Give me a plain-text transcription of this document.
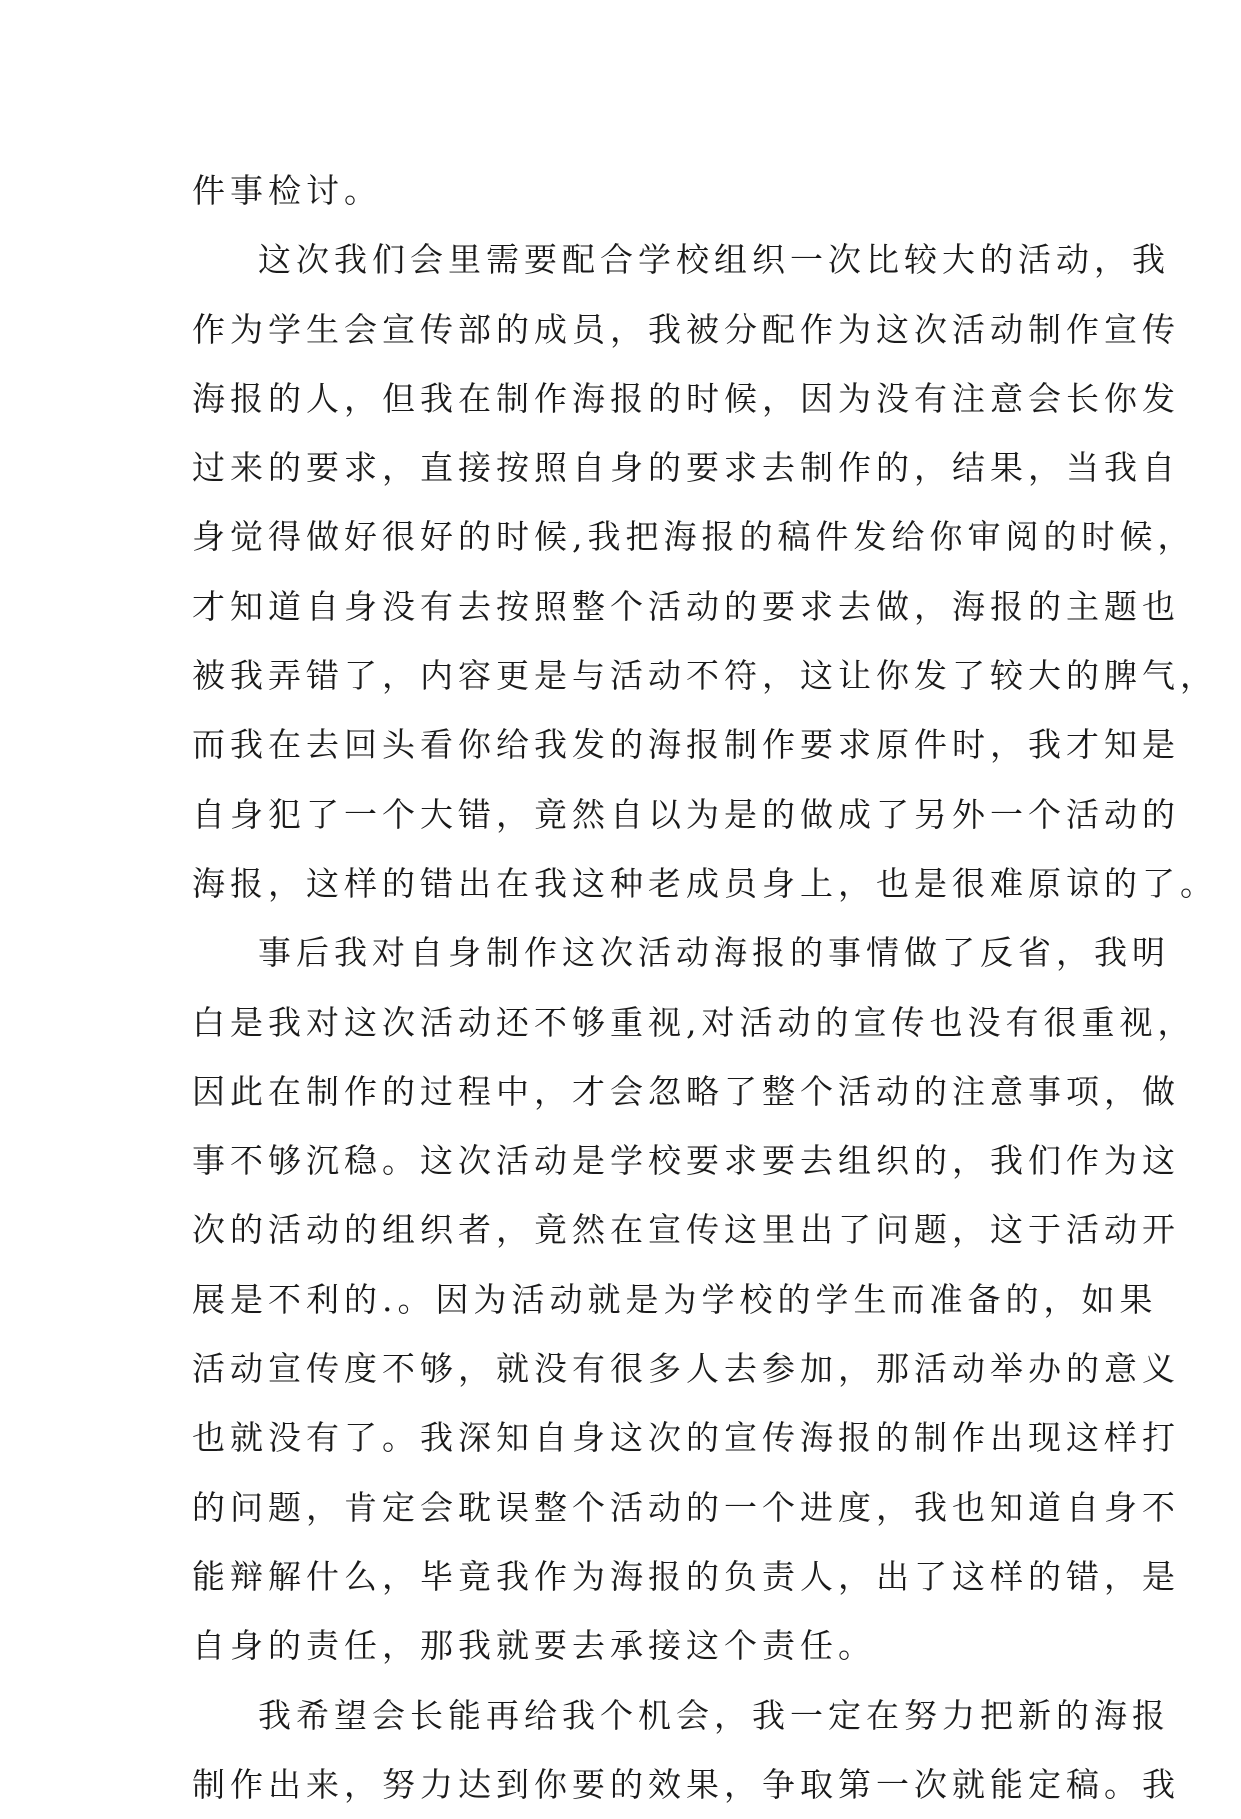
件事检讨。
这次我们会里需要配合学校组织一次比较大的活动，我
作为学生会宣传部的成员，我被分配作为这次活动制作宣传
海报的人，但我在制作海报的时候，因为没有注意会长你发
过来的要求，直接按照自身的要求去制作的，结果，当我自
身觉得做好很好的时候,我把海报的稿件发给你审阅的时候，
才知道自身没有去按照整个活动的要求去做，海报的主题也
被我弄错了，内容更是与活动不符，这让你发了较大的脾气，
而我在去回头看你给我发的海报制作要求原件时，我才知是
自身犯了一个大错，竟然自以为是的做成了另外一个活动的
海报，这样的错出在我这种老成员身上，也是很难原谅的了。
事后我对自身制作这次活动海报的事情做了反省，我明
白是我对这次活动还不够重视,对活动的宣传也没有很重视，
因此在制作的过程中，才会忽略了整个活动的注意事项，做
事不够沉稳。这次活动是学校要求要去组织的，我们作为这
次的活动的组织者，竟然在宣传这里出了问题，这于活动开
展是不利的.。因为活动就是为学校的学生而准备的，如果
活动宣传度不够，就没有很多人去参加，那活动举办的意义
也就没有了。我深知自身这次的宣传海报的制作出现这样打
的问题，肯定会耽误整个活动的一个进度，我也知道自身不
能辩解什么，毕竟我作为海报的负责人，出了这样的错，是
自身的责任，那我就要去承接这个责任。
我希望会长能再给我个机会，我一定在努力把新的海报
制作出来，努力达到你要的效果，争取第一次就能定稿。我
